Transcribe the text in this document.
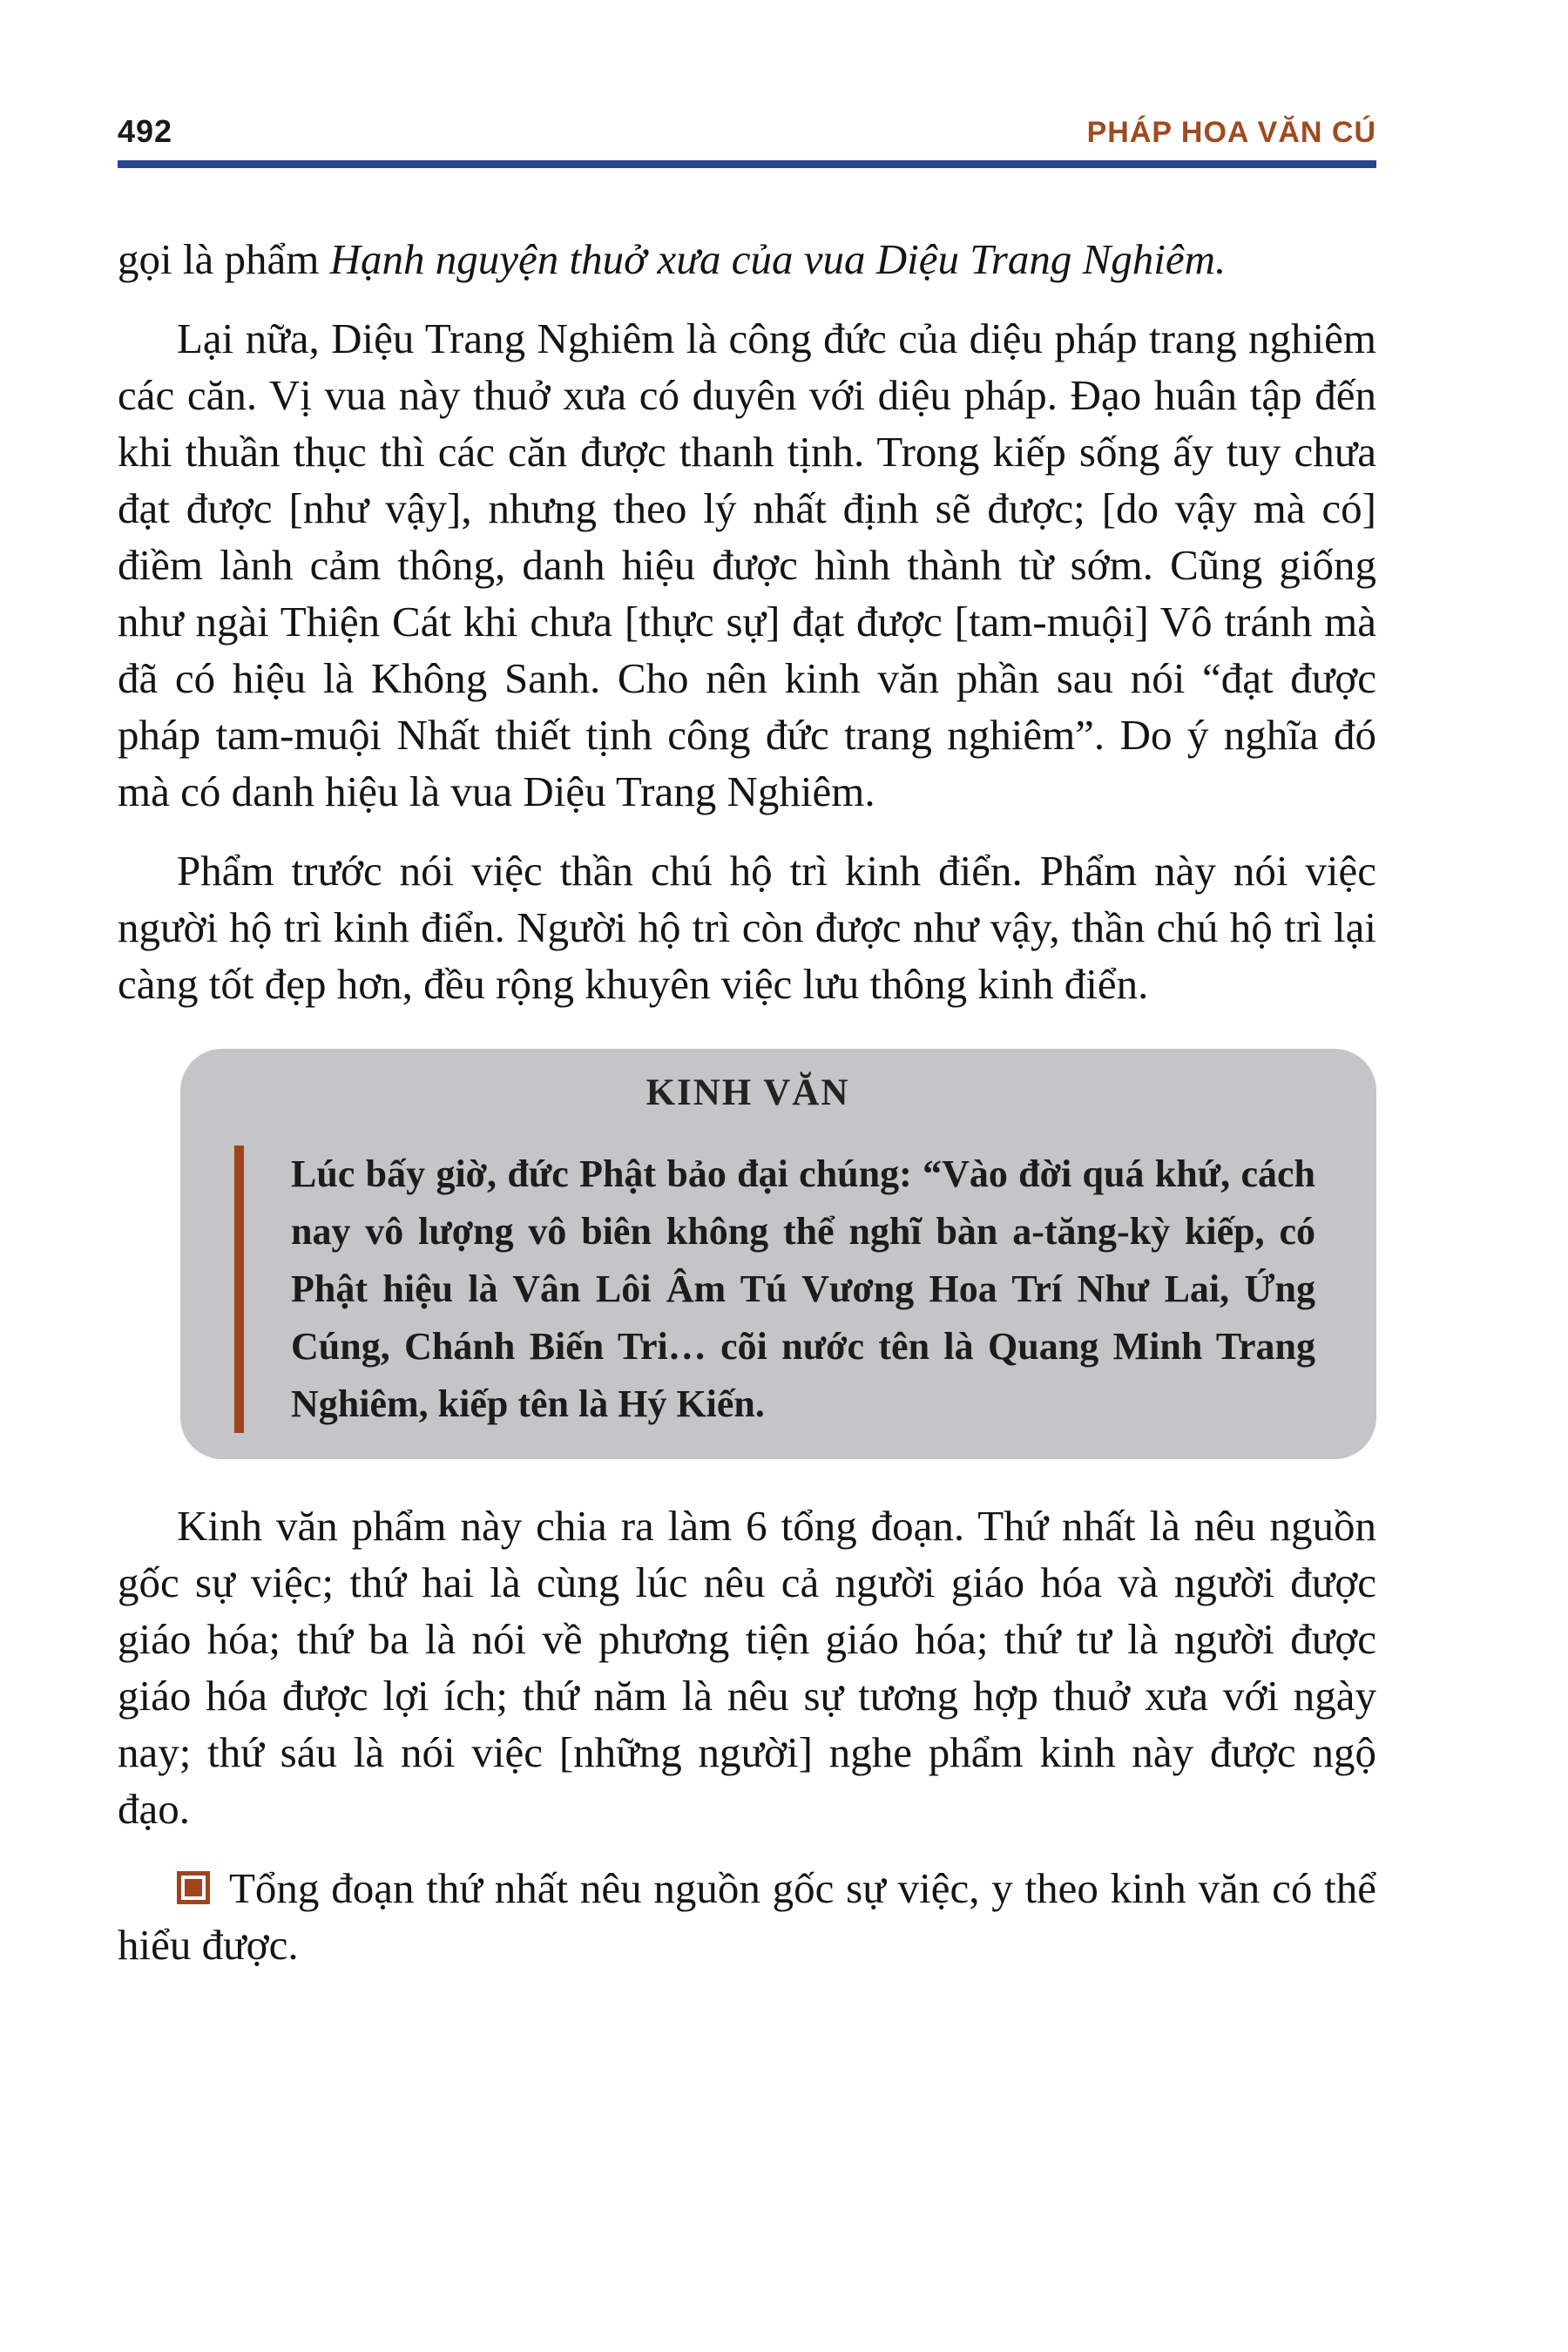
492	PHÁP HOA VĂN CÚ

gọi là phẩm Hạnh nguyện thuở xưa của vua Diệu Trang Nghiêm.

Lại nữa, Diệu Trang Nghiêm là công đức của diệu pháp trang nghiêm các căn. Vị vua này thuở xưa có duyên với diệu pháp. Đạo huân tập đến khi thuần thục thì các căn được thanh tịnh. Trong kiếp sống ấy tuy chưa đạt được [như vậy], nhưng theo lý nhất định sẽ được; [do vậy mà có] điềm lành cảm thông, danh hiệu được hình thành từ sớm. Cũng giống như ngài Thiện Cát khi chưa [thực sự] đạt được [tam-muội] Vô tránh mà đã có hiệu là Không Sanh. Cho nên kinh văn phần sau nói “đạt được pháp tam-muội Nhất thiết tịnh công đức trang nghiêm”. Do ý nghĩa đó mà có danh hiệu là vua Diệu Trang Nghiêm.

Phẩm trước nói việc thần chú hộ trì kinh điển. Phẩm này nói việc người hộ trì kinh điển. Người hộ trì còn được như vậy, thần chú hộ trì lại càng tốt đẹp hơn, đều rộng khuyên việc lưu thông kinh điển.

KINH VĂN

Lúc bấy giờ, đức Phật bảo đại chúng: “Vào đời quá khứ, cách nay vô lượng vô biên không thể nghĩ bàn a-tăng-kỳ kiếp, có Phật hiệu là Vân Lôi Âm Tú Vương Hoa Trí Như Lai, Ứng Cúng, Chánh Biến Tri… cõi nước tên là Quang Minh Trang Nghiêm, kiếp tên là Hý Kiến.

Kinh văn phẩm này chia ra làm 6 tổng đoạn. Thứ nhất là nêu nguồn gốc sự việc; thứ hai là cùng lúc nêu cả người giáo hóa và người được giáo hóa; thứ ba là nói về phương tiện giáo hóa; thứ tư là người được giáo hóa được lợi ích; thứ năm là nêu sự tương hợp thuở xưa với ngày nay; thứ sáu là nói việc [những người] nghe phẩm kinh này được ngộ đạo.

Tổng đoạn thứ nhất nêu nguồn gốc sự việc, y theo kinh văn có thể hiểu được.
